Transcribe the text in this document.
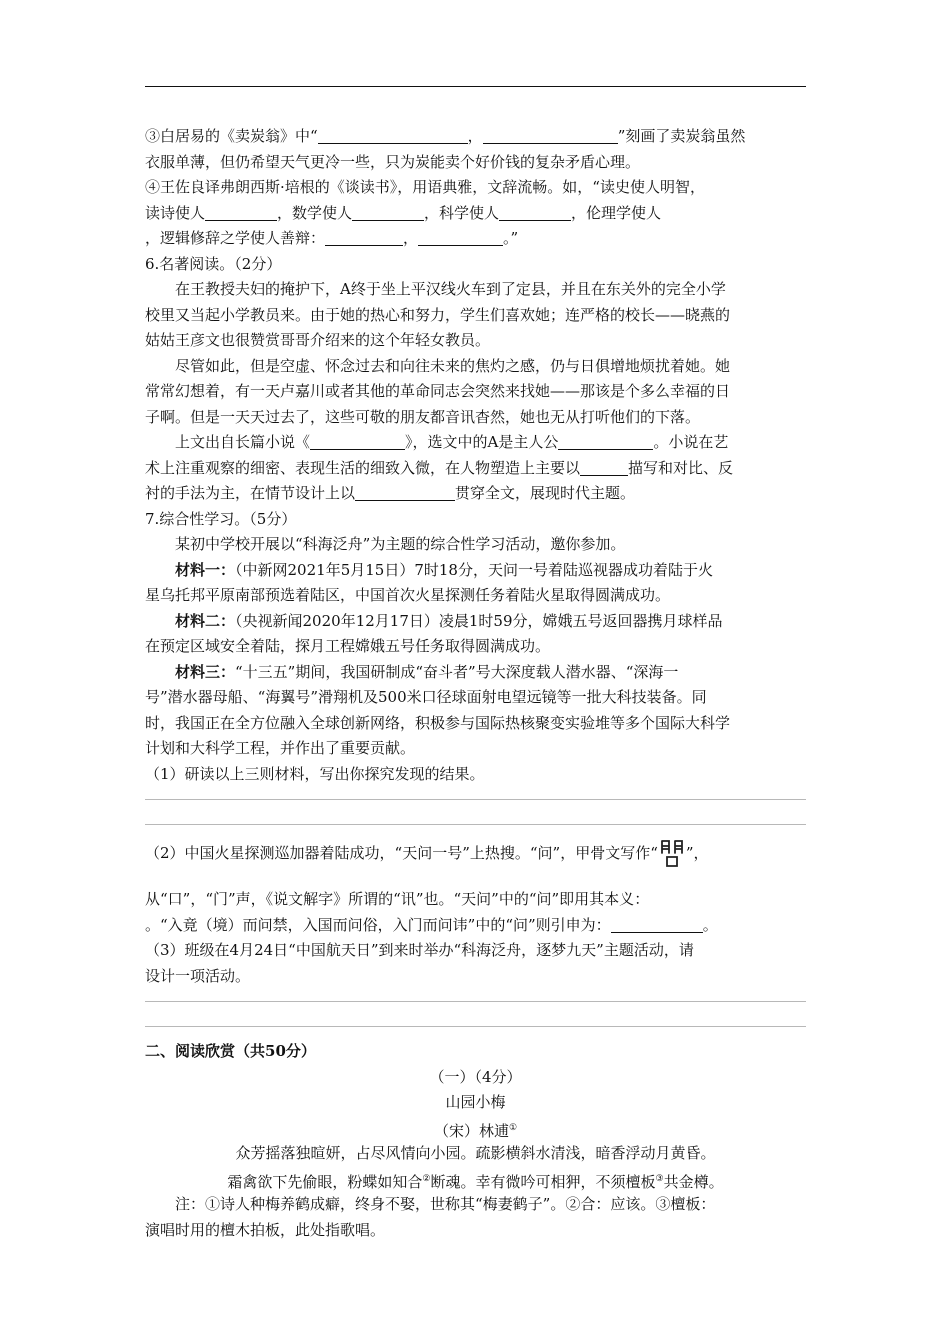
③白居易的《卖炭翁》中“	，	”刻画了卖炭翁虽然
衣服单薄，但仍希望天气更冷一些，只为炭能卖个好价钱的复杂矛盾心理。
④王佐良译弗朗西斯·培根的《谈读书》，用语典雅，文辞流畅。如，“读史使人明智，
读诗使人	，数学使人	，科学使人	，伦理学使人
，逻辑修辞之学使人善辩：	，	。”
6.名著阅读。（2分）
在王教授夫妇的掩护下，A终于坐上平汉线火车到了定县，并且在东关外的完全小学
校里又当起小学教员来。由于她的热心和努力，学生们喜欢她；连严格的校长——晓燕的
姑姑王彦文也很赞赏哥哥介绍来的这个年轻女教员。
尽管如此，但是空虚、怀念过去和向往未来的焦灼之感，仍与日俱增地烦扰着她。她
常常幻想着，有一天卢嘉川或者其他的革命同志会突然来找她——那该是个多么幸福的日
子啊。但是一天天过去了，这些可敬的朋友都音讯杳然，她也无从打听他们的下落。
上文出自长篇小说《	》，选文中的A是主人公	。小说在艺
术上注重观察的细密、表现生活的细致入微，在人物塑造上主要以	描写和对比、反
衬的手法为主，在情节设计上以	贯穿全文，展现时代主题。
7.综合性学习。（5分）
某初中学校开展以“科海泛舟”为主题的综合性学习活动，邀你参加。
材料一：（中新网2021年5月15日）7时18分，天问一号着陆巡视器成功着陆于火
星乌托邦平原南部预选着陆区，中国首次火星探测任务着陆火星取得圆满成功。
材料二：（央视新闻2020年12月17日）凌晨1时59分，嫦娥五号返回器携月球样品
在预定区域安全着陆，探月工程嫦娥五号任务取得圆满成功。
材料三：“十三五”期间，我国研制成“奋斗者”号大深度载人潜水器、“深海一
号”潜水器母船、“海翼号”滑翔机及500米口径球面射电望远镜等一批大科技装备。同
时，我国正在全方位融入全球创新网络，积极参与国际热核聚变实验堆等多个国际大科学
计划和大科学工程，并作出了重要贡献。
（1）研读以上三则材料，写出你探究发现的结果。
（2）中国火星探测巡加器着陆成功，“天问一号”上热搜。“问”，甲骨文写作“ ”，
从“口”，“门”声，《说文解字》所谓的“讯”也。“天问”中的“问”即用其本义：
。“入竟（境）而问禁，入国而问俗，入门而问讳”中的“问”则引申为：	。
（3）班级在4月24日“中国航天日”到来时举办“科海泛舟，逐梦九天”主题活动，请
设计一项活动。
二、阅读欣赏（共50分）
（一）（4分）
山园小梅
（宋）林逋①
众芳摇落独暄妍，占尽风情向小园。疏影横斜水清浅，暗香浮动月黄昏。
霜禽欲下先偷眼，粉蝶如知合②断魂。幸有微吟可相狎，不须檀板③共金樽。
注：①诗人种梅养鹤成癖，终身不娶，世称其“梅妻鹤子”。②合：应该。③檀板：
演唱时用的檀木拍板，此处指歌唱。
